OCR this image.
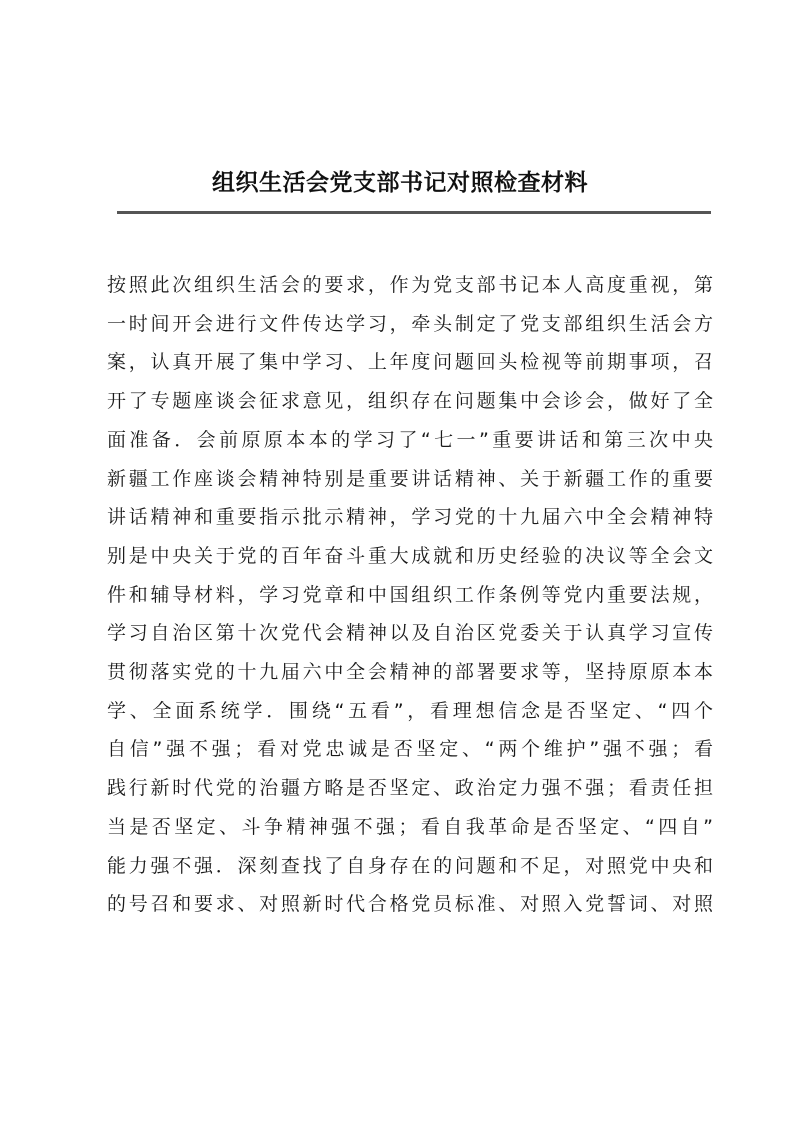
组织生活会党支部书记对照检查材料
按照此次组织生活会的要求，作为党支部书记本人高度重视，第
一时间开会进行文件传达学习，牵头制定了党支部组织生活会方
案，认真开展了集中学习、上年度问题回头检视等前期事项，召
开了专题座谈会征求意见，组织存在问题集中会诊会，做好了全
面准备．会前原原本本的学习了“七一”重要讲话和第三次中央
新疆工作座谈会精神特别是重要讲话精神、关于新疆工作的重要
讲话精神和重要指示批示精神，学习党的十九届六中全会精神特
别是中央关于党的百年奋斗重大成就和历史经验的决议等全会文
件和辅导材料，学习党章和中国组织工作条例等党内重要法规，
学习自治区第十次党代会精神以及自治区党委关于认真学习宣传
贯彻落实党的十九届六中全会精神的部署要求等，坚持原原本本
学、全面系统学．围绕“五看”，看理想信念是否坚定、“四个
自信”强不强；看对党忠诚是否坚定、“两个维护”强不强；看
践行新时代党的治疆方略是否坚定、政治定力强不强；看责任担
当是否坚定、斗争精神强不强；看自我革命是否坚定、“四自”
能力强不强．深刻查找了自身存在的问题和不足，对照党中央和
的号召和要求、对照新时代合格党员标准、对照入党誓词、对照
